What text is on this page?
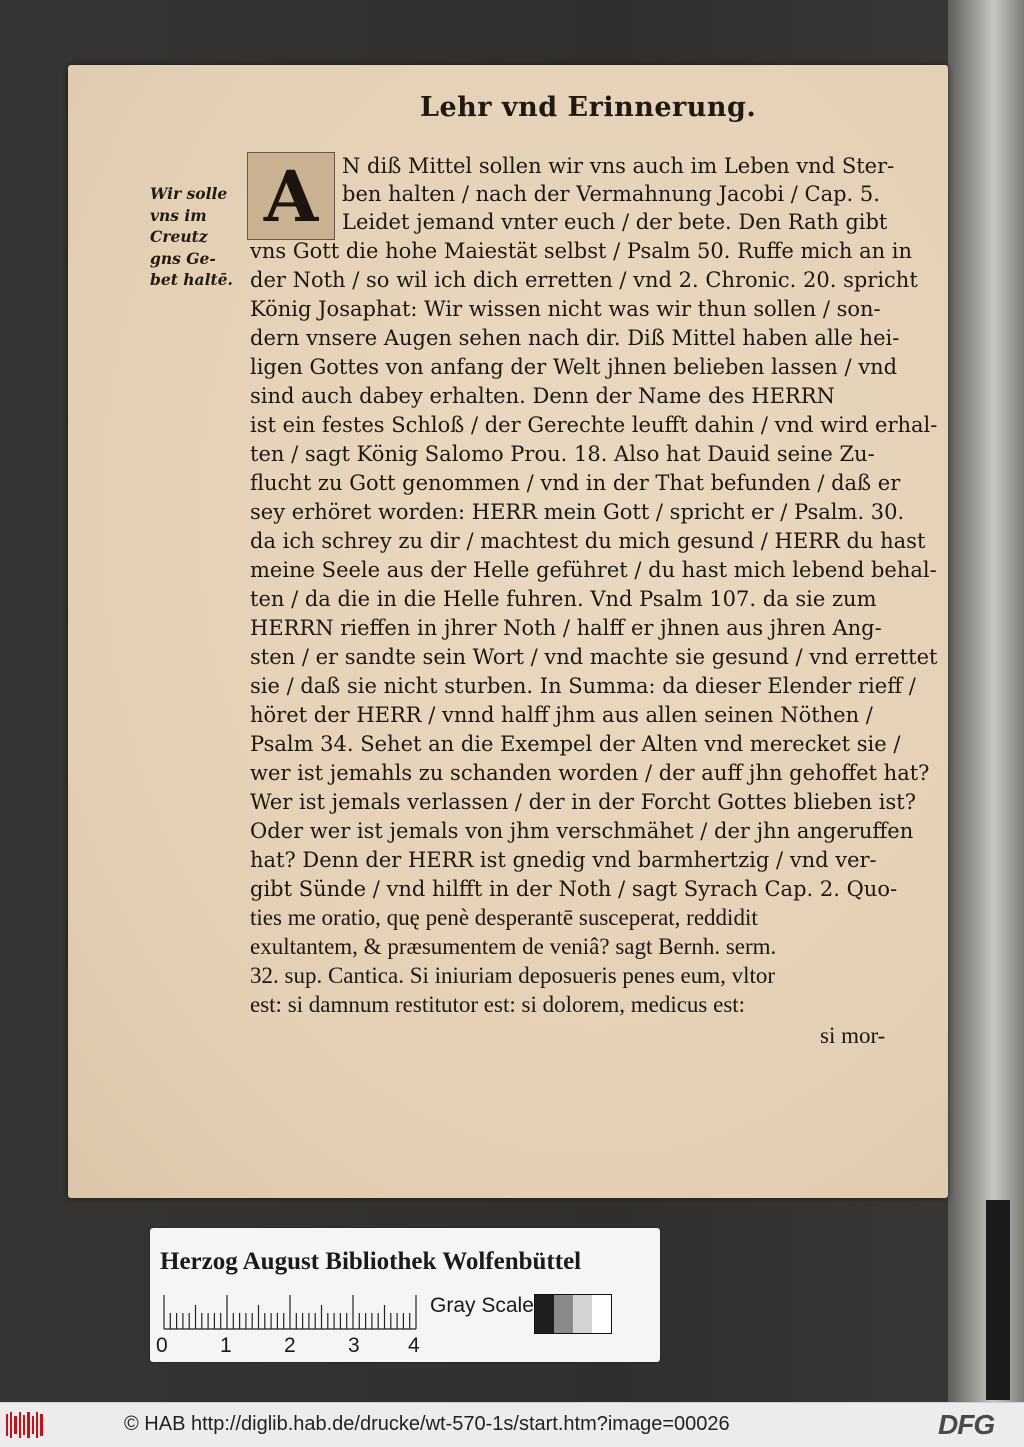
Lehr vnd Erinnerung.
Wir solle
vns im
Creutz
gns Ge-
bet haltē.
A	N diß Mittel sollen wir vns auch im Leben vnd Ster-
ben halten / nach der Vermahnung Jacobi / Cap. 5.
Leidet jemand vnter euch / der bete. Den Rath gibt
vns Gott die hohe Maiestät selbst / Psalm 50. Ruffe mich an in
der Noth / so wil ich dich erretten / vnd 2. Chronic. 20. spricht
König Josaphat: Wir wissen nicht was wir thun sollen / son-
dern vnsere Augen sehen nach dir. Diß Mittel haben alle hei-
ligen Gottes von anfang der Welt jhnen belieben lassen / vnd
sind auch dabey erhalten. Denn der Name des HERRN
ist ein festes Schloß / der Gerechte leufft dahin / vnd wird erhal-
ten / sagt König Salomo Prou. 18. Also hat Dauid seine Zu-
flucht zu Gott genommen / vnd in der That befunden / daß er
sey erhöret worden: HERR mein Gott / spricht er / Psalm. 30.
da ich schrey zu dir / machtest du mich gesund / HERR du hast
meine Seele aus der Helle geführet / du hast mich lebend behal-
ten / da die in die Helle fuhren. Vnd Psalm 107. da sie zum
HERRN rieffen in jhrer Noth / halff er jhnen aus jhren Ang-
sten / er sandte sein Wort / vnd machte sie gesund / vnd errettet
sie / daß sie nicht sturben. In Summa: da dieser Elender rieff /
höret der HERR / vnnd halff jhm aus allen seinen Nöthen /
Psalm 34. Sehet an die Exempel der Alten vnd merecket sie /
wer ist jemahls zu schanden worden / der auff jhn gehoffet hat?
Wer ist jemals verlassen / der in der Forcht Gottes blieben ist?
Oder wer ist jemals von jhm verschmähet / der jhn angeruffen
hat? Denn der HERR ist gnedig vnd barmhertzig / vnd ver-
gibt Sünde / vnd hilfft in der Noth / sagt Syrach Cap. 2. Quo-
ties me oratio, quę penè desperantē susceperat, reddidit
exultantem, & præsumentem de veniâ? sagt Bernh. serm.
32. sup. Cantica. Si iniuriam deposueris penes eum, vltor
est: si damnum restitutor est: si dolorem, medicus est:
si mor-
Herzog August Bibliothek Wolfenbüttel
0 1 2 3 4
Gray Scale
© HAB http://diglib.hab.de/drucke/wt-570-1s/start.htm?image=00026	DFG
